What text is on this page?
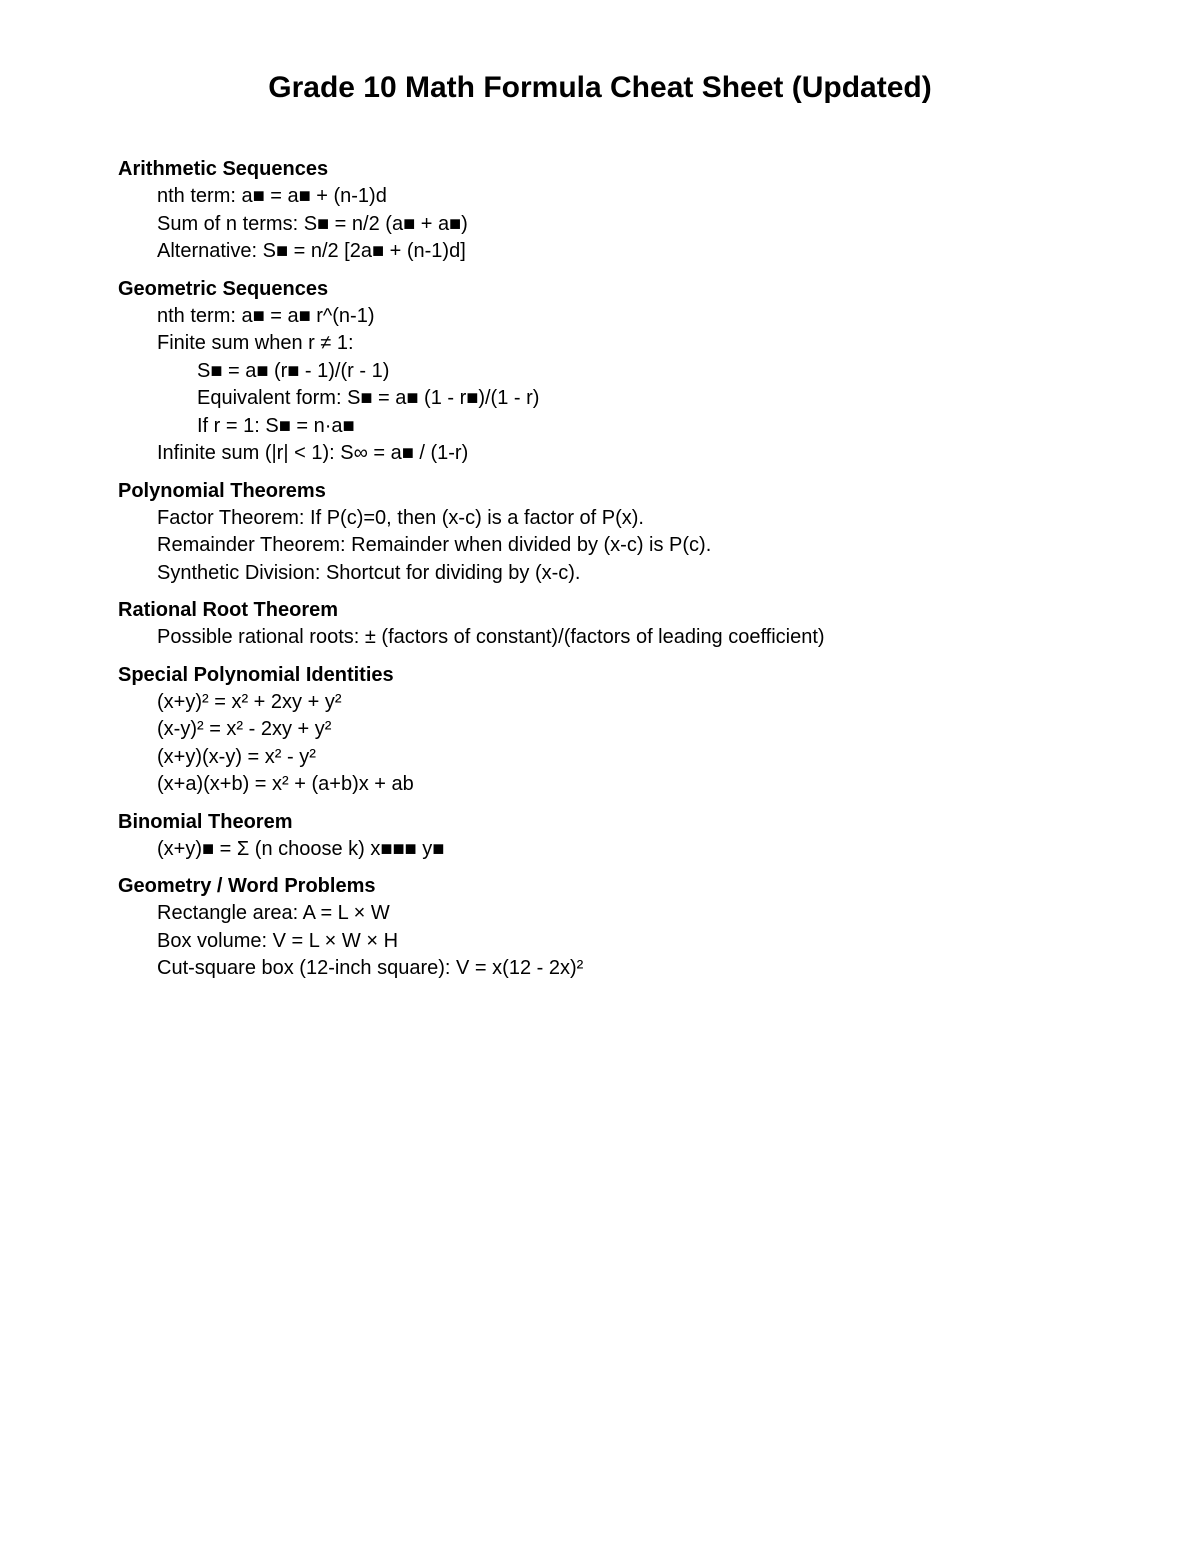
Grade 10 Math Formula Cheat Sheet (Updated)
Arithmetic Sequences
nth term: a■ = a■ + (n-1)d
Sum of n terms: S■ = n/2 (a■ + a■)
Alternative: S■ = n/2 [2a■ + (n-1)d]
Geometric Sequences
nth term: a■ = a■ r^(n-1)
Finite sum when r ≠ 1:
S■ = a■ (r■ - 1)/(r - 1)
Equivalent form: S■ = a■ (1 - r■)/(1 - r)
If r = 1: S■ = n·a■
Infinite sum (|r| < 1): S∞ = a■ / (1-r)
Polynomial Theorems
Factor Theorem: If P(c)=0, then (x-c) is a factor of P(x).
Remainder Theorem: Remainder when divided by (x-c) is P(c).
Synthetic Division: Shortcut for dividing by (x-c).
Rational Root Theorem
Possible rational roots: ± (factors of constant)/(factors of leading coefficient)
Special Polynomial Identities
(x+y)² = x² + 2xy + y²
(x-y)² = x² - 2xy + y²
(x+y)(x-y) = x² - y²
(x+a)(x+b) = x² + (a+b)x + ab
Binomial Theorem
(x+y)■ = Σ (n choose k) x■■■ y■
Geometry / Word Problems
Rectangle area: A = L × W
Box volume: V = L × W × H
Cut-square box (12-inch square): V = x(12 - 2x)²
